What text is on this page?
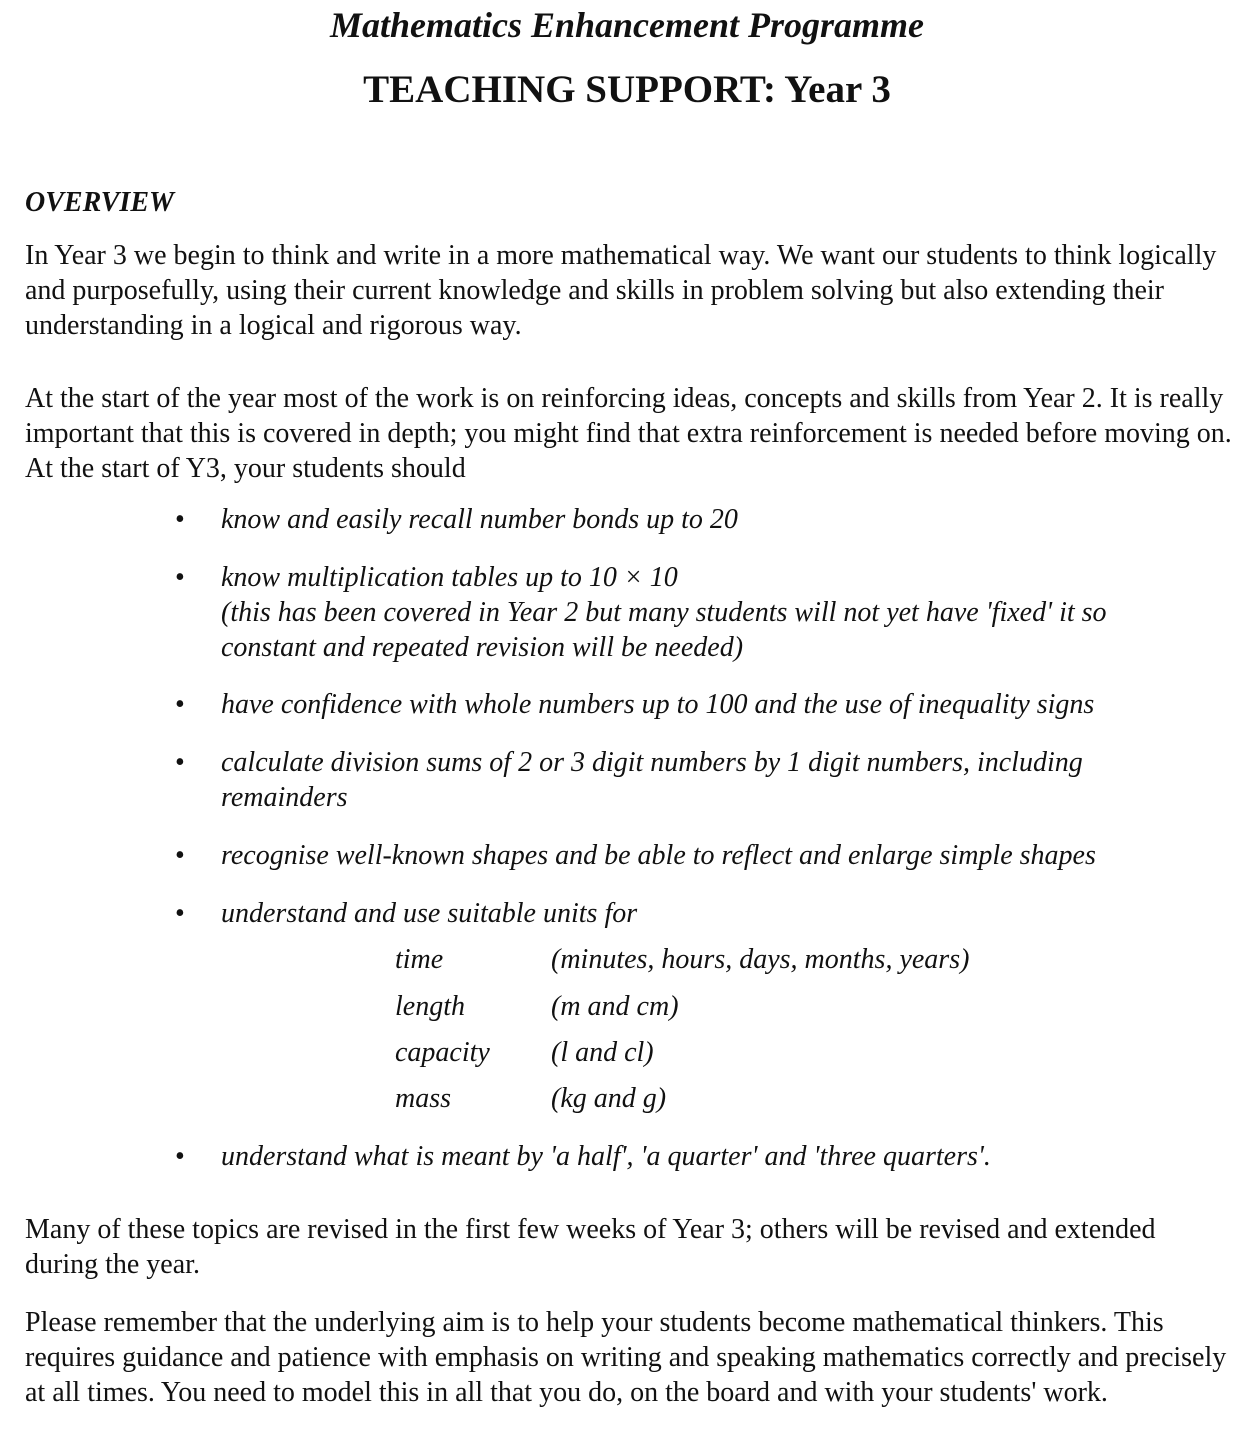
Mathematics Enhancement Programme
TEACHING SUPPORT: Year 3
OVERVIEW

In Year 3 we begin to think and write in a more mathematical way. We want our students to think logically and purposefully, using their current knowledge and skills in problem solving but also extending their understanding in a logical and rigorous way.

At the start of the year most of the work is on reinforcing ideas, concepts and skills from Year 2. It is really important that this is covered in depth; you might find that extra reinforcement is needed before moving on. At the start of Y3, your students should

• know and easily recall number bonds up to 20
• know multiplication tables up to 10 × 10
(this has been covered in Year 2 but many students will not yet have 'fixed' it so constant and repeated revision will be needed)
• have confidence with whole numbers up to 100 and the use of inequality signs
• calculate division sums of 2 or 3 digit numbers by 1 digit numbers, including remainders
• recognise well-known shapes and be able to reflect and enlarge simple shapes
• understand and use suitable units for
time	(minutes, hours, days, months, years)
length	(m and cm)
capacity (l and cl)
mass	(kg and g)
• understand what is meant by 'a half', 'a quarter' and 'three quarters'.

Many of these topics are revised in the first few weeks of Year 3; others will be revised and extended during the year.

Please remember that the underlying aim is to help your students become mathematical thinkers. This requires guidance and patience with emphasis on writing and speaking mathematics correctly and precisely at all times. You need to model this in all that you do, on the board and with your students' work.
